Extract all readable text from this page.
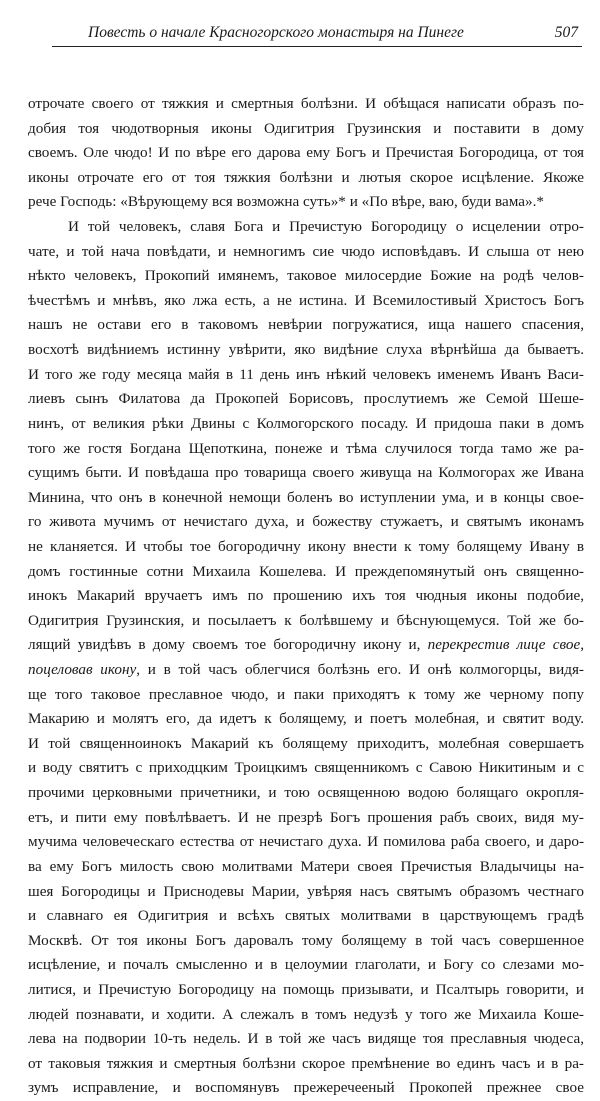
Повесть о начале Красногорского монастыря на Пинеге	507
отрочате своего от тяжкия и смертныя болѣзни. И обѣщася написати образъ по-
добия тоя чюдотворныя иконы Одигитрия Грузинския и поставити в дому
своемъ. Оле чюдо! И по вѣре его дарова ему Богъ и Пречистая Богородица, от тоя
иконы отрочате его от тоя тяжкия болѣзни и лютыя скорое исцѣление. Якоже
рече Господь: «Вѣрующему вся возможна суть»* и «По вѣре, ваю, буди вама».*
И той человекъ, славя Бога и Пречистую Богородицу о исцелении отро-
чате, и той нача повѣдати, и немногимъ сие чюдо исповѣдавъ. И слыша от нею
нѣкто человекъ, Прокопий имянемъ, таковое милосердие Божие на родѣ челов-
ѣчестѣмъ и мнѣвъ, яко лжа есть, а не истина. И Всемилостивый Христосъ Богъ
нашъ не остави его в таковомъ невѣрии погружатися, ища нашего спасения,
восхотѣ видѣниемъ истинну увѣрити, яко видѣние слуха вѣрнѣйша да бываетъ.
И того же году месяца майя в 11 день инъ нѣкий человекъ именемъ Иванъ Васи-
лиевъ сынъ Филатова да Прокопей Борисовъ, прослутиемъ же Семой Шеше-
нинъ, от великия рѣки Двины с Колмогорского посаду. И придоша паки в домъ
того же гостя Богдана Щепоткина, понеже и тѣма случилося тогда тамо же ра-
сущимъ быти. И повѣдаша про товарища своего живуща на Колмогорах же Ивана
Минина, что онъ в конечной немощи боленъ во иступлении ума, и в концы свое-
го живота мучимъ от нечистаго духа, и божеству стужаетъ, и святымъ иконамъ
не кланяется. И чтобы тое богородичну икону внести к тому болящему Ивану в
домъ гостинные сотни Михаила Кошелева. И преждепомянутый онъ священно-
инокъ Макарий вручаетъ имъ по прошению ихъ тоя чюдныя иконы подобие,
Одигитрия Грузинския, и посылаетъ к болѣвшему и бѣснующемуся. Той же бо-
лящий увидѣвъ в дому своемъ тое богородичну икону и, перекрестив лице свое,
поцеловав икону, и в той часъ облегчися болѣзнь его. И онѣ колмогорцы, видя-
ще того таковое преславное чюдо, и паки приходятъ к тому же черному попу
Макарию и молятъ его, да идетъ к болящему, и поетъ молебная, и святит воду.
И той священноинокъ Макарий къ болящему приходитъ, молебная совершаетъ
и воду святитъ с приходцким Троицкимъ священникомъ с Савою Никитиным и с
прочими церковными причетники, и тою освященною водою болящаго окропля-
етъ, и пити ему повѣлѣваетъ. И не презрѣ Богъ прошения рабъ своих, видя му-
мучима человеческаго естества от нечистаго духа. И помилова раба своего, и даро-
ва ему Богъ милость свою молитвами Матери своея Пречистыя Владычицы на-
шея Богородицы и Приснодевы Марии, увѣряя насъ святымъ образомъ честнаго
и славнаго ея Одигитрия и всѣхъ святых молитвами в царствующемъ градѣ
Москвѣ. От тоя иконы Богъ даровалъ тому болящему в той часъ совершенное
исцѣление, и почалъ смысленно и в целоумии глаголати, и Богу со слезами мо-
литися, и Пречистую Богородицу на помощь призывати, и Псалтырь говорити, и
людей познавати, и ходити. А слежалъ в томъ недузѣ у того же Михаила Коше-
лева на подвории 10-ть недель. И в той же часъ видяще тоя преславныя чюдеса,
от таковыя тяжкия и смертныя болѣзни скорое премѣнение во единъ часъ и в ра-
зумъ исправление, и воспомянувъ прежеречееный Прокопей прежнее свое
